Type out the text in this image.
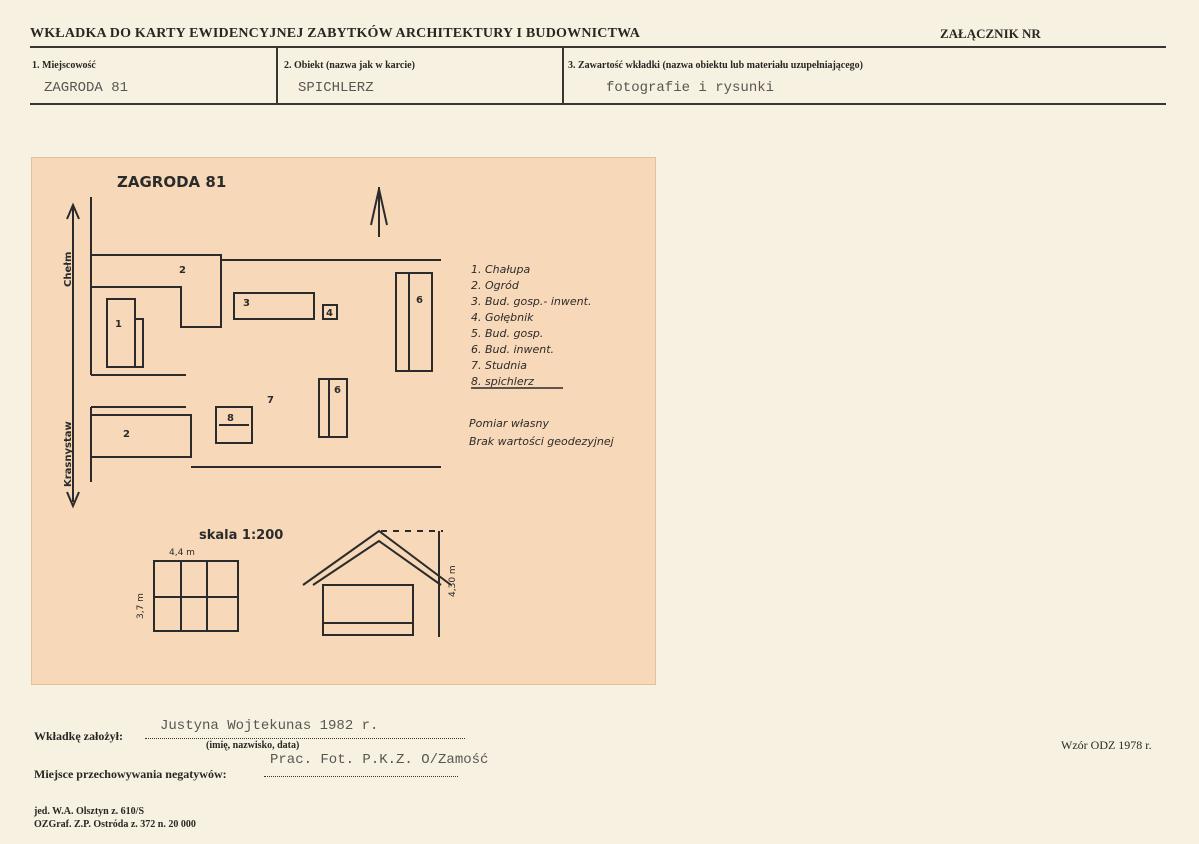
WKŁADKA DO KARTY EWIDENCYJNEJ ZABYTKÓW ARCHITEKTURY I BUDOWNICTWA	ZAŁĄCZNIK NR
1. Miejscowość
ZAGRODA 81
2. Obiekt (nazwa jak w karcie)
SPICHLERZ
3. Zawartość wkładki (nazwa obiektu lub materiału uzupełniającego)
fotografie i rysunki
ZAGRODA 81
Chełm
Krasnystaw
1. Chałupa
2. Ogród
3. Bud. gosp.- inwent.
4. Gołębnik
5. Bud. gosp.
6. Bud. inwent.
7. Studnia
8. spichlerz
Pomiar własny
Brak wartości geodezyjnej
skala 1:200
4,4 m
3,7 m
4,30 m
1
2
2
3
4
6
6
7
8
Wkładkę założył:
Justyna Wojtekunas 1982 r.
(imię, nazwisko, data)
Miejsce przechowywania negatywów:
Prac. Fot. P.K.Z. O/Zamość
Wzór ODZ 1978 r.
jed. W.A. Olsztyn z. 610/S
OZGraf. Z.P. Ostróda z. 372 n. 20 000
